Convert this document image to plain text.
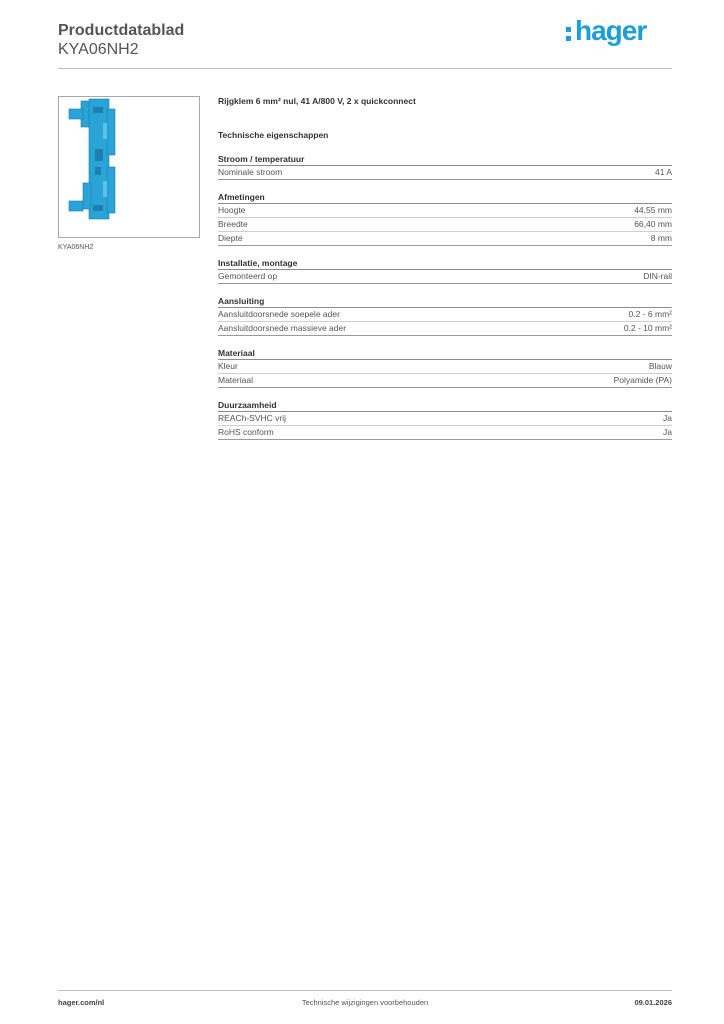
Productdatablad
KYA06NH2
hager
KYA06NH2
Rijgklem 6 mm² nul, 41 A/800 V, 2 x quickconnect
Technische eigenschappen
Stroom / temperatuur
Nominale stroom	41 A
Afmetingen
Hoogte	44,55 mm
Breedte	66,40 mm
Diepte	8 mm
Installatie, montage
Gemonteerd op	DIN-rail
Aansluiting
Aansluitdoorsnede soepele ader	0.2 - 6 mm²
Aansluitdoorsnede massieve ader	0.2 - 10 mm²
Materiaal
Kleur	Blauw
Materiaal	Polyamide (PA)
Duurzaamheid
REACh-SVHC vrij	Ja
RoHS conform	Ja
hager.com/nl	Technische wijzigingen voorbehouden	09.01.2026
